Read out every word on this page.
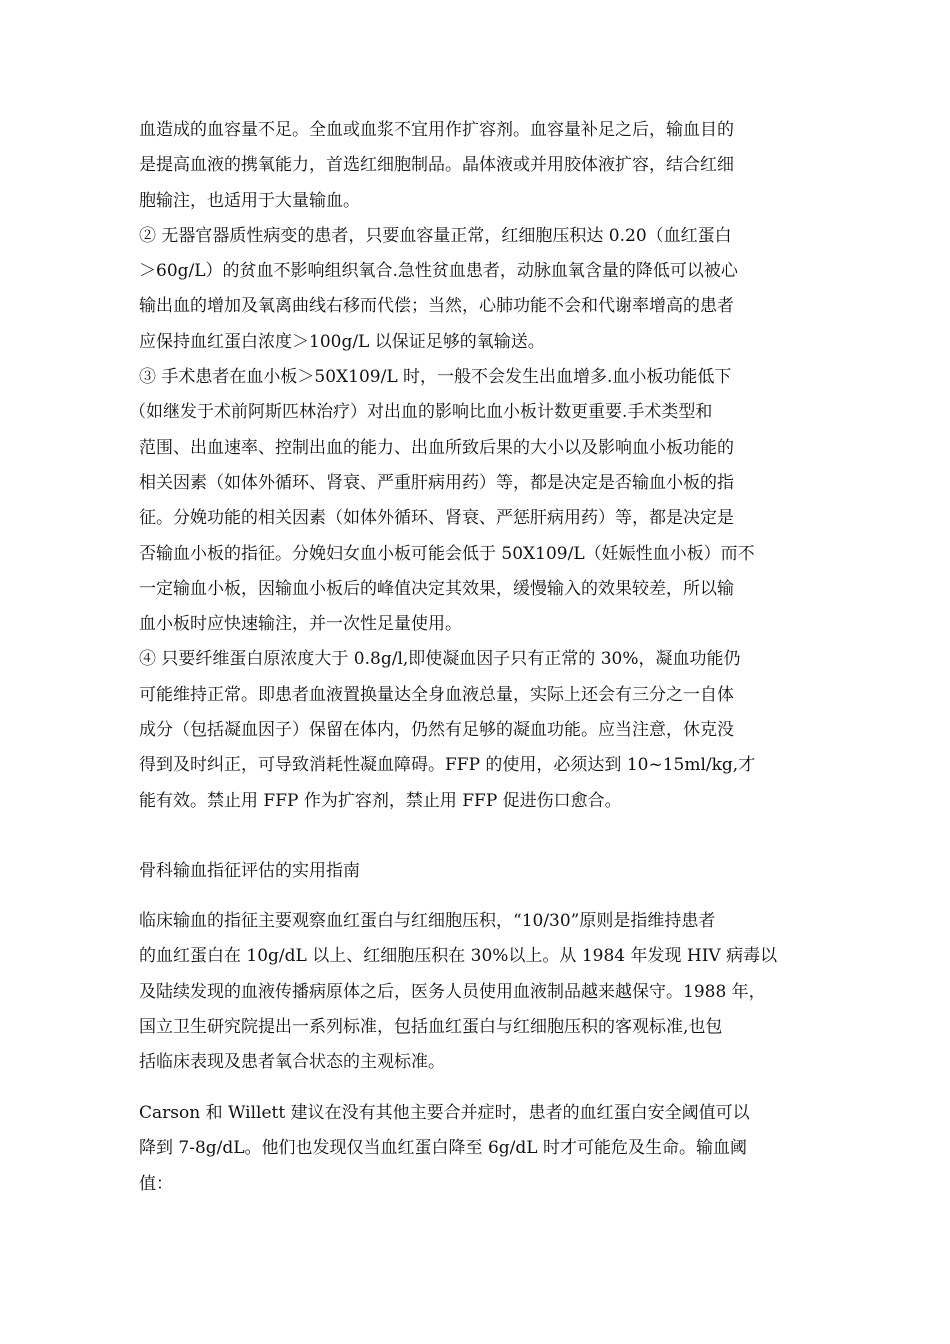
血造成的血容量不足。全血或血浆不宜用作扩容剂。血容量补足之后，输血目的
是提高血液的携氧能力，首选红细胞制品。晶体液或并用胶体液扩容，结合红细
胞输注，也适用于大量输血。
② 无器官器质性病变的患者，只要血容量正常，红细胞压积达 0.20（血红蛋白
＞60g/L）的贫血不影响组织氧合.急性贫血患者，动脉血氧含量的降低可以被心
输出血的增加及氧离曲线右移而代偿；当然，心肺功能不会和代谢率增高的患者
应保持血红蛋白浓度＞100g/L 以保证足够的氧输送。
③ 手术患者在血小板＞50X109/L 时，一般不会发生出血增多.血小板功能低下
（如继发于术前阿斯匹林治疗）对出血的影响比血小板计数更重要.手术类型和
范围、出血速率、控制出血的能力、出血所致后果的大小以及影响血小板功能的
相关因素（如体外循环、肾衰、严重肝病用药）等，都是决定是否输血小板的指
征。分娩功能的相关因素（如体外循环、肾衰、严惩肝病用药）等，都是决定是
否输血小板的指征。分娩妇女血小板可能会低于 50X109/L（妊娠性血小板）而不
一定输血小板，因输血小板后的峰值决定其效果，缓慢输入的效果较差，所以输
血小板时应快速输注，并一次性足量使用。
④ 只要纤维蛋白原浓度大于 0.8g/l,即使凝血因子只有正常的 30%，凝血功能仍
可能维持正常。即患者血液置换量达全身血液总量，实际上还会有三分之一自体
成分（包括凝血因子）保留在体内，仍然有足够的凝血功能。应当注意，休克没
得到及时纠正，可导致消耗性凝血障碍。FFP 的使用，必须达到 10~15ml/kg,才
能有效。禁止用 FFP 作为扩容剂，禁止用 FFP 促进伤口愈合。
骨科输血指征评估的实用指南
临床输血的指征主要观察血红蛋白与红细胞压积，“10/30”原则是指维持患者
的血红蛋白在 10g/dL 以上、红细胞压积在 30%以上。从 1984 年发现 HIV 病毒以
及陆续发现的血液传播病原体之后，医务人员使用血液制品越来越保守。1988 年，
国立卫生研究院提出一系列标准，包括血红蛋白与红细胞压积的客观标准,也包
括临床表现及患者氧合状态的主观标准。
Carson 和 Willett 建议在没有其他主要合并症时，患者的血红蛋白安全阈值可以
降到 7-8g/dL。他们也发现仅当血红蛋白降至 6g/dL 时才可能危及生命。输血阈
值：
